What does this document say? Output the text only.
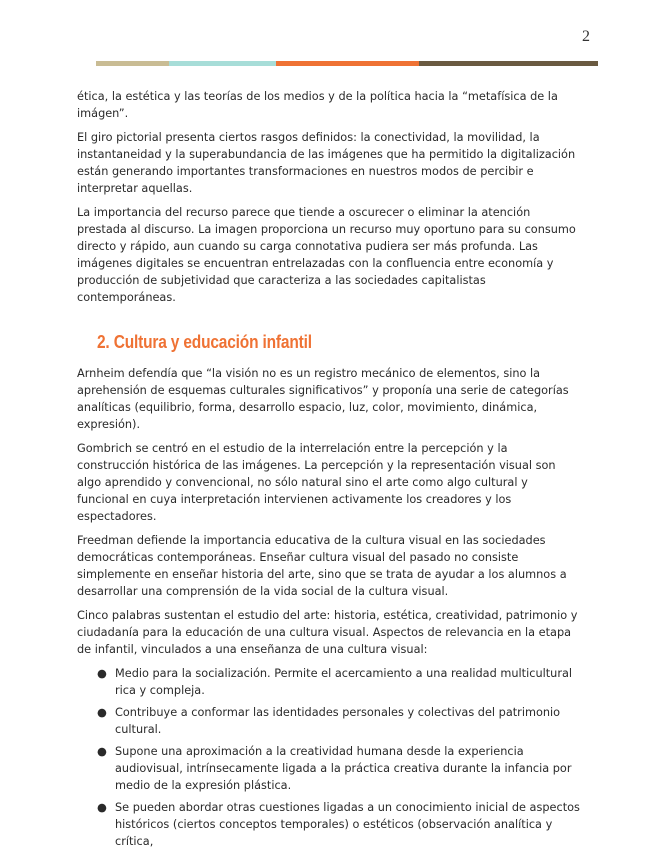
2

ética, la estética y las teorías de los medios y de la política hacia la “metafísica de la imágen”.

El giro pictorial presenta ciertos rasgos definidos: la conectividad, la movilidad, la instantaneidad y la superabundancia de las imágenes que ha permitido la digitalización están generando importantes transformaciones en nuestros modos de percibir e interpretar aquellas.

La importancia del recurso parece que tiende a oscurecer o eliminar la atención prestada al discurso. La imagen proporciona un recurso muy oportuno para su consumo directo y rápido, aun cuando su carga connotativa pudiera ser más profunda. Las imágenes digitales se encuentran entrelazadas con la confluencia entre economía y producción de subjetividad que caracteriza a las sociedades capitalistas contemporáneas.

2. Cultura y educación infantil

Arnheim defendía que “la visión no es un registro mecánico de elementos, sino la aprehensión de esquemas culturales significativos” y proponía una serie de categorías analíticas (equilibrio, forma, desarrollo espacio, luz, color, movimiento, dinámica, expresión).

Gombrich se centró en el estudio de la interrelación entre la percepción y la construcción histórica de las imágenes. La percepción y la representación visual son algo aprendido y convencional, no sólo natural sino el arte como algo cultural y funcional en cuya interpretación intervienen activamente los creadores y los espectadores.

Freedman defiende la importancia educativa de la cultura visual en las sociedades democráticas contemporáneas. Enseñar cultura visual del pasado no consiste simplemente en enseñar historia del arte, sino que se trata de ayudar a los alumnos a desarrollar una comprensión de la vida social de la cultura visual.

Cinco palabras sustentan el estudio del arte: historia, estética, creatividad, patrimonio y ciudadanía para la educación de una cultura visual. Aspectos de relevancia en la etapa de infantil, vinculados a una enseñanza de una cultura visual:

● Medio para la socialización. Permite el acercamiento a una realidad multicultural rica y compleja.
● Contribuye a conformar las identidades personales y colectivas del patrimonio cultural.
● Supone una aproximación a la creatividad humana desde la experiencia audiovisual, intrínsecamente ligada a la práctica creativa durante la infancia por medio de la expresión plástica.
● Se pueden abordar otras cuestiones ligadas a un conocimiento inicial de aspectos históricos (ciertos conceptos temporales) o estéticos (observación analítica y crítica,
